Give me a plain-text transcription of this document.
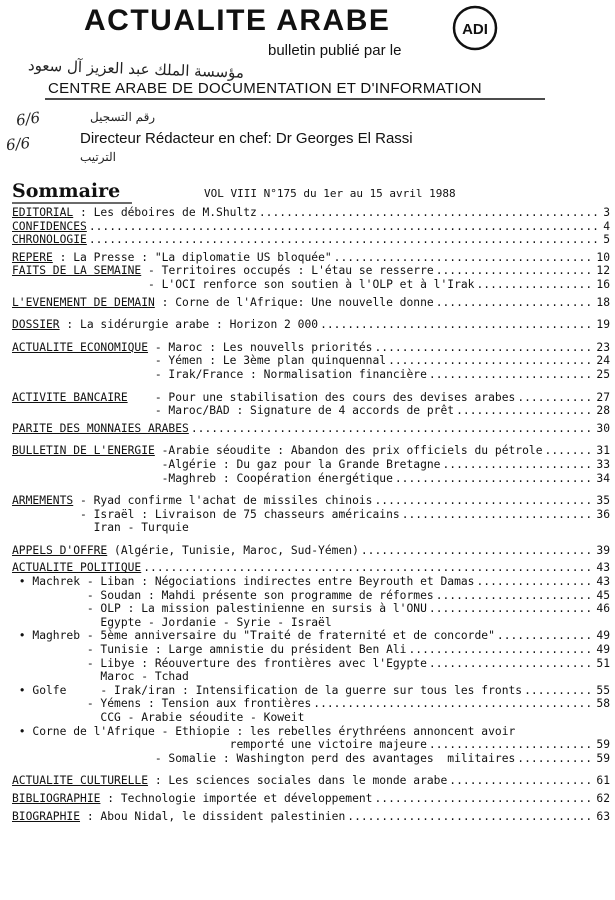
ACTUALITE ARABE	ADI
bulletin publié par le
مؤسسة الملك عبد العزيز آل سعود
CENTRE ARABE DE DOCUMENTATION ET D'INFORMATION
رقم التسجيل
6/6
6/6	Directeur Rédacteur en chef: Dr Georges El Rassi
الترتيب
Sommaire	VOL VIII N°175 du 1er au 15 avril 1988
EDITORIAL : Les déboires de M.Shultz .....	3
CONFIDENCES .....	4
CHRONOLOGIE .....	5
REPERE : La Presse : "La diplomatie US bloquée" .....	10
FAITS DE LA SEMAINE - Territoires occupés : L'étau se resserre .....	12
- L'OCI renforce son soutien à l'OLP et à l'Irak .....	16
L'EVENEMENT DE DEMAIN : Corne de l'Afrique: Une nouvelle donne .....	18
DOSSIER : La sidérurgie arabe : Horizon 2 000 .....	19
ACTUALITE ECONOMIQUE - Maroc : Les nouvells priorités .....	23
- Yémen : Le 3ème plan quinquennal .....	24
- Irak/France : Normalisation financière .....	25
ACTIVITE BANCAIRE - Pour une stabilisation des cours des devises arabes .....	27
- Maroc/BAD : Signature de 4 accords de prêt .....	28
PARITE DES MONNAIES ARABES .....	30
BULLETIN DE L'ENERGIE -Arabie séoudite : Abandon des prix officiels du pétrole .....	31
-Algérie : Du gaz pour la Grande Bretagne .....	33
-Maghreb : Coopération énergétique .....	34
ARMEMENTS - Ryad confirme l'achat de missiles chinois .....	35
- Israël : Livraison de 75 chasseurs américains .....	36
Iran - Turquie
APPELS D'OFFRE (Algérie, Tunisie, Maroc, Sud-Yémen) .....	39
ACTUALITE POLITIQUE .....	43
• Machrek - Liban : Négociations indirectes entre Beyrouth et Damas .....	43
- Soudan : Mahdi présente son programme de réformes .....	45
- OLP : La mission palestinienne en sursis à l'ONU .....	46
Egypte - Jordanie - Syrie - Israël
• Maghreb - 5ème anniversaire du "Traité de fraternité et de concorde" .....	49
- Tunisie : Large amnistie du président Ben Ali .....	49
- Libye : Réouverture des frontières avec l'Egypte .....	51
Maroc - Tchad
• Golfe     - Irak/iran : Intensification de la guerre sur tous les fronts .....	55
- Yémens : Tension aux frontières .....	58
CCG - Arabie séoudite - Koweit
• Corne de l'Afrique - Ethiopie : les rebelles érythréens annoncent avoir
remporté une victoire majeure .....	59
- Somalie : Washington perd des avantages  militaires .....	59
ACTUALITE CULTURELLE : Les sciences sociales dans le monde arabe .....	61
BIBLIOGRAPHIE : Technologie importée et développement .....	62
BIOGRAPHIE : Abou Nidal, le dissident palestinien .....	63
